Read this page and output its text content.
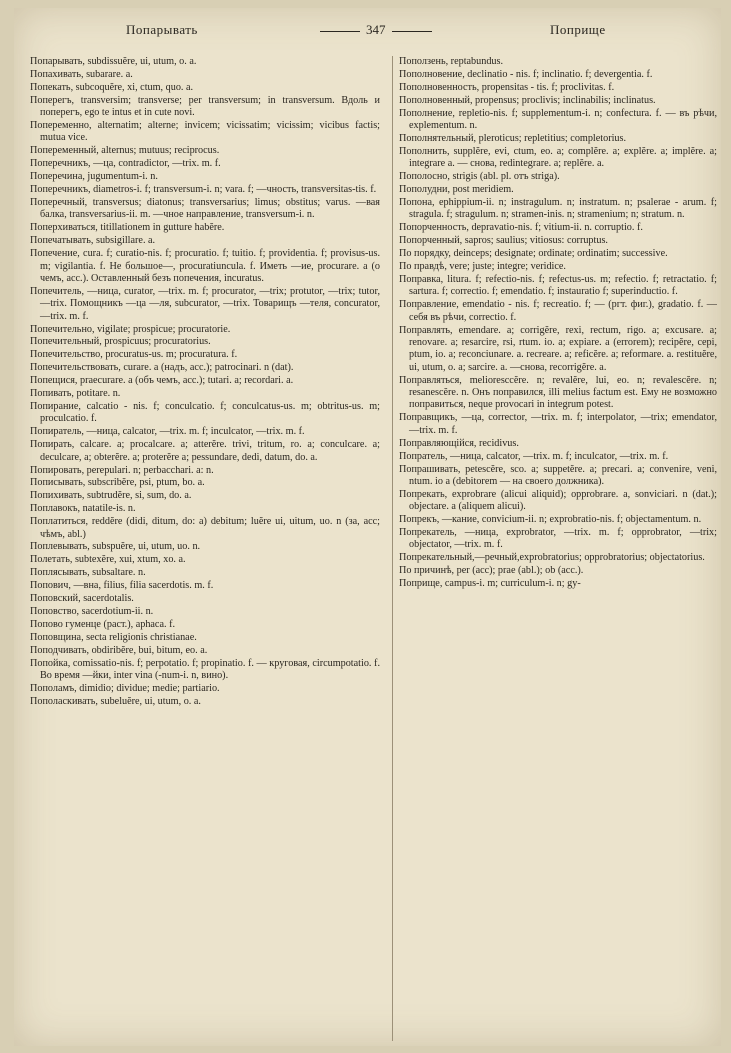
Попарывать	347	Поприще

Попарывать, subdissuĕre, ui, utum, o. a.

Попахивать, subarare. a.

Попекать, subcoquĕre, xi, ctum, quo. a.

Поперегъ, transversim; transverse; per transversum; in transversum. Вдоль и поперегъ, ego te intus et in cute novi.

Попеременно, alternatim; alterne; invicem; vicissatim; vicissim; vicibus factis; mutua vice.

Попеременный, alternus; mutuus; reciprocus.

Поперечникъ, —ца, contradictor, —trix. m. f.

Поперечина, jugumentum-i. n.

Поперечникъ, diametros-i. f; transversum-i. n; vara. f; —чность, transversitas-tis. f.

Поперечный, transversus; diatonus; transversarius; limus; obstitus; varus. —вая балка, transversarius-ii. m. —чное направление, transversum-i. n.

Поперхиваться, titillationem in gutture habĕre.

Попечатывать, subsigillare. a.

Попечение, cura. f; curatio-nis. f; procuratio. f; tuitio. f; providentia. f; provisus-us. m; vigilantia. f. Не большое—, procuratiuncula. f. Иметь —ие, procurare. a (о чемъ, acc.). Оставленный безъ попечения, incuratus.

Попечитель, —ница, curator, —trix. m. f; procurator, —trix; protutor, —trix; tutor, —trix. Помощникъ —ца —ля, subcurator, —trix. Товарищъ —теля, concurator, —trix. m. f.

Попечительно, vigilate; prospicue; procuratorie.

Попечительный, prospicuus; procuratorius.

Попечительство, procuratus-us. m; procuratura. f.

Попечительствовать, curare. a (надъ, acc.); patrocinari. n (dat).

Попещися, praecurare. a (объ чемъ, acc.); tutari. a; recordari. a.

Попивать, potitare. n.

Попирание, calcatio - nis. f; conculcatio. f; conculcatus-us. m; obtritus-us. m; proculcatio. f.

Попиратель, —ница, calcator, —trix. m. f; inculcator, —trix. m. f.

Попирать, calcare. a; procalcare. a; atterĕre. trivi, tritum, ro. a; conculcare. a; deculcare, a; obterĕre. a; proterĕre a; pessundare, dedi, datum, do. a.

Попировать, perepulari. n; perbacchari. a: n.

Пописывать, subscribĕre, psi, ptum, bo. a.

Попихивать, subtrudĕre, si, sum, do. a.

Поплавокъ, natatile-is. n.

Поплатиться, reddĕre (didi, ditum, do: a) debitum; luĕre ui, uitum, uo. n (за, acc; чѣмъ, abl.)

Поплевывать, subspuĕre, ui, utum, uo. n.

Полетать, subtexĕre, xui, xtum, xo. a.

Поплясывать, subsaltare. n.

Попович, —вна, filius, filia sacerdotis. m. f.

Поповский, sacerdotalis.

Поповство, sacerdotium-ii. n.

Попово гуменце (раст.), aphaca. f.

Поповщина, secta religionis christianae.

Поподчивать, obdiribĕre, bui, bitum, eo. a.

Попойка, comissatio-nis. f; perpotatio. f; propinatio. f. — круговая, circumpotatio. f. Во время —йки, inter vina (-num-i. n, вино).

Пополамъ, dimidio; dividue; medie; partiario.

Пополаскивать, subeluĕre, ui, utum, o. a.

Поползень, reptabundus.

Пополновение, declinatio - nis. f; inclinatio. f; devergentia. f.

Пополновенность, propensitas - tis. f; proclivitas. f.

Пополновенный, propensus; proclivis; inclinabilis; inclinatus.

Пополнение, repletio-nis. f; supplementum-i. n; confectura. f. — въ рѣчи, explementum. n.

Пополнятельный, pleroticus; repletitius; completorius.

Пополнить, supplĕre, evi, ctum, eo. a; complĕre. a; explĕre. a; implĕre. a; integrare a. — снова, redintegrare. a; replĕre. a.

Пополосно, strigis (abl. pl. отъ striga).

Пополудни, post meridiem.

Попона, ephippium-ii. n; instragulum. n; instratum. n; psalerae - arum. f; stragula. f; stragulum. n; stramen-inis. n; stramenium; n; stratum. n.

Попорченность, depravatio-nis. f; vitium-ii. n. corruptio. f.

Попорченный, sapros; saulius; vitiosus: corruptus.

По порядку, deinceps; designate; ordinate; ordinatim; successive.

По правдѣ, vere; juste; integre; veridice.

Поправка, litura. f; refectio-nis. f; refectus-us. m; refectio. f; retractatio. f; sartura. f; correctio. f; emendatio. f; instauratio f; superinductio. f.

Поправление, emendatio - nis. f; recreatio. f; — (ргт. фиг.), gradatio. f. — себя въ рѣчи, correctio. f.

Поправлять, emendare. a; corrigĕre, rexi, rectum, rigo. a; excusare. a; renovare. a; resarcire, rsi, rtum. io. a; expiare. a (errorem); recipĕre, cepi, ptum, io. a; reconciunare. a. recreare. a; reficĕre. a; reformare. a. restituĕre, ui, utum, o. a; sarcire. a. —снова, recorrigĕre. a.

Поправляться, melioresccĕre. n; revalĕre, lui, eo. n; revalescĕre. n; resanescĕre. n. Онъ поправился, illi melius factum est. Ему не возможно поправиться, neque provocari in integrum potest.

Поправщикъ, —ца, corrector, —trix. m. f; interpolator, —trix; emendator, —trix. m. f.

Поправляющійся, recidivus.

Попратель, —ница, calcator, —trix. m. f; inculcator, —trix. m. f.

Попрашивать, petescĕre, sco. a; suppetĕre. a; precari. a; convenire, veni, ntum. io a (debitorem — на своего должника).

Попрекать, exprobrare (alicui aliquid); opprobrare. a, sonviciari. n (dat.); objectare. a (aliquem alicui).

Попрекъ, —кание, convicium-ii. n; exprobratio-nis. f; objectamentum. n.

Попрекатель, —ница, exprobrator, —trix. m. f; opprobrator, —trix; objectator, —trix. m. f.

Попрекательный,—речный,exprobratorius; opprobratorius; objectatorius.

По причинѣ, per (acc); prae (abl.); ob (acc.).

Поприще, campus-i. m; curriculum-i. n; gy-
